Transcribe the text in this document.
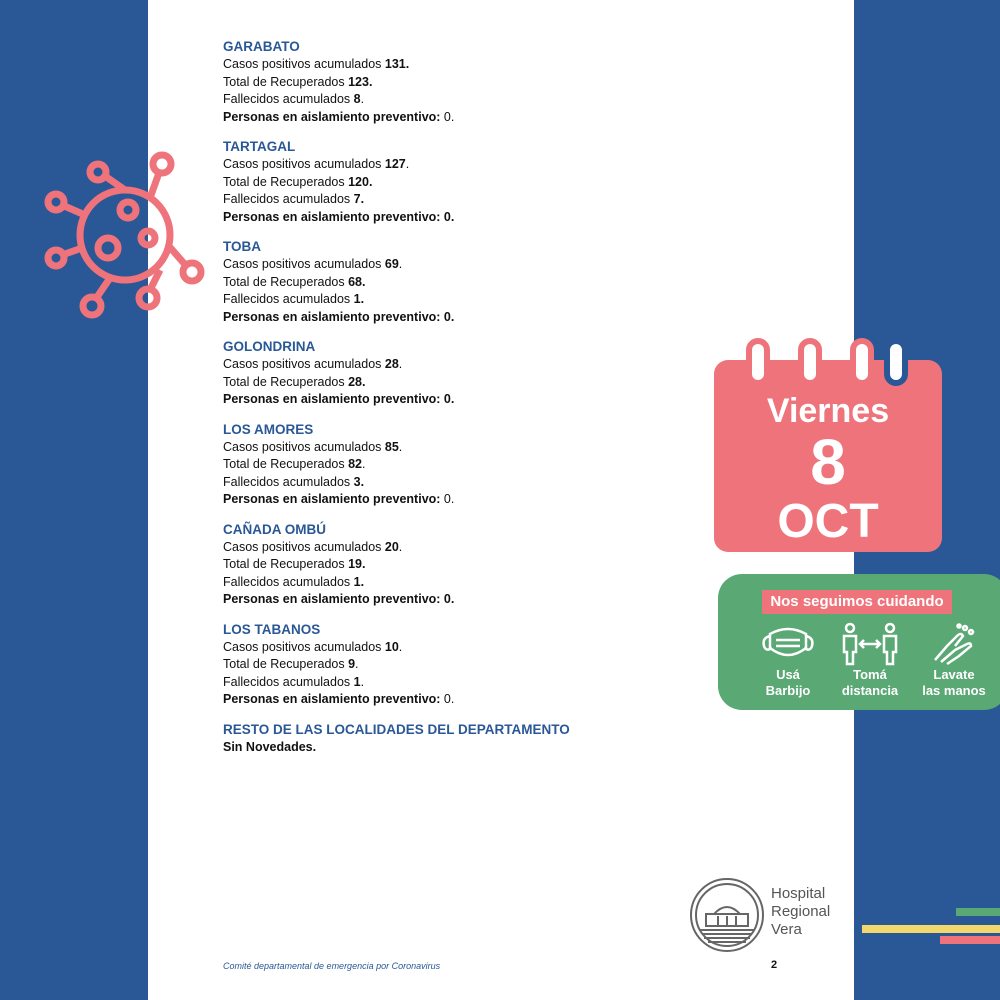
GARABATO
Casos positivos acumulados 131.
Total de Recuperados 123.
Fallecidos acumulados 8.
Personas en aislamiento preventivo: 0.
TARTAGAL
Casos positivos acumulados 127.
Total de Recuperados 120.
Fallecidos acumulados 7.
Personas en aislamiento preventivo: 0.
TOBA
Casos positivos acumulados 69.
Total de Recuperados 68.
Fallecidos acumulados 1.
Personas en aislamiento preventivo: 0.
GOLONDRINA
Casos positivos acumulados 28.
Total de Recuperados 28.
Personas en aislamiento preventivo: 0.
LOS AMORES
Casos positivos acumulados 85.
Total de Recuperados 82.
Fallecidos acumulados 3.
Personas en aislamiento preventivo: 0.
CAÑADA OMBÚ
Casos positivos acumulados 20.
Total de Recuperados 19.
Fallecidos acumulados 1.
Personas en aislamiento preventivo: 0.
LOS TABANOS
Casos positivos acumulados 10.
Total de Recuperados 9.
Fallecidos acumulados 1.
Personas en aislamiento preventivo: 0.
RESTO DE LAS LOCALIDADES DEL DEPARTAMENTO
Sin Novedades.
Viernes
8
OCT
Nos seguimos cuidando
Usá
Barbijo
Tomá
distancia
Lavate
las manos
Hospital
Regional
Vera
Comité departamental de emergencia por Coronavirus	2
